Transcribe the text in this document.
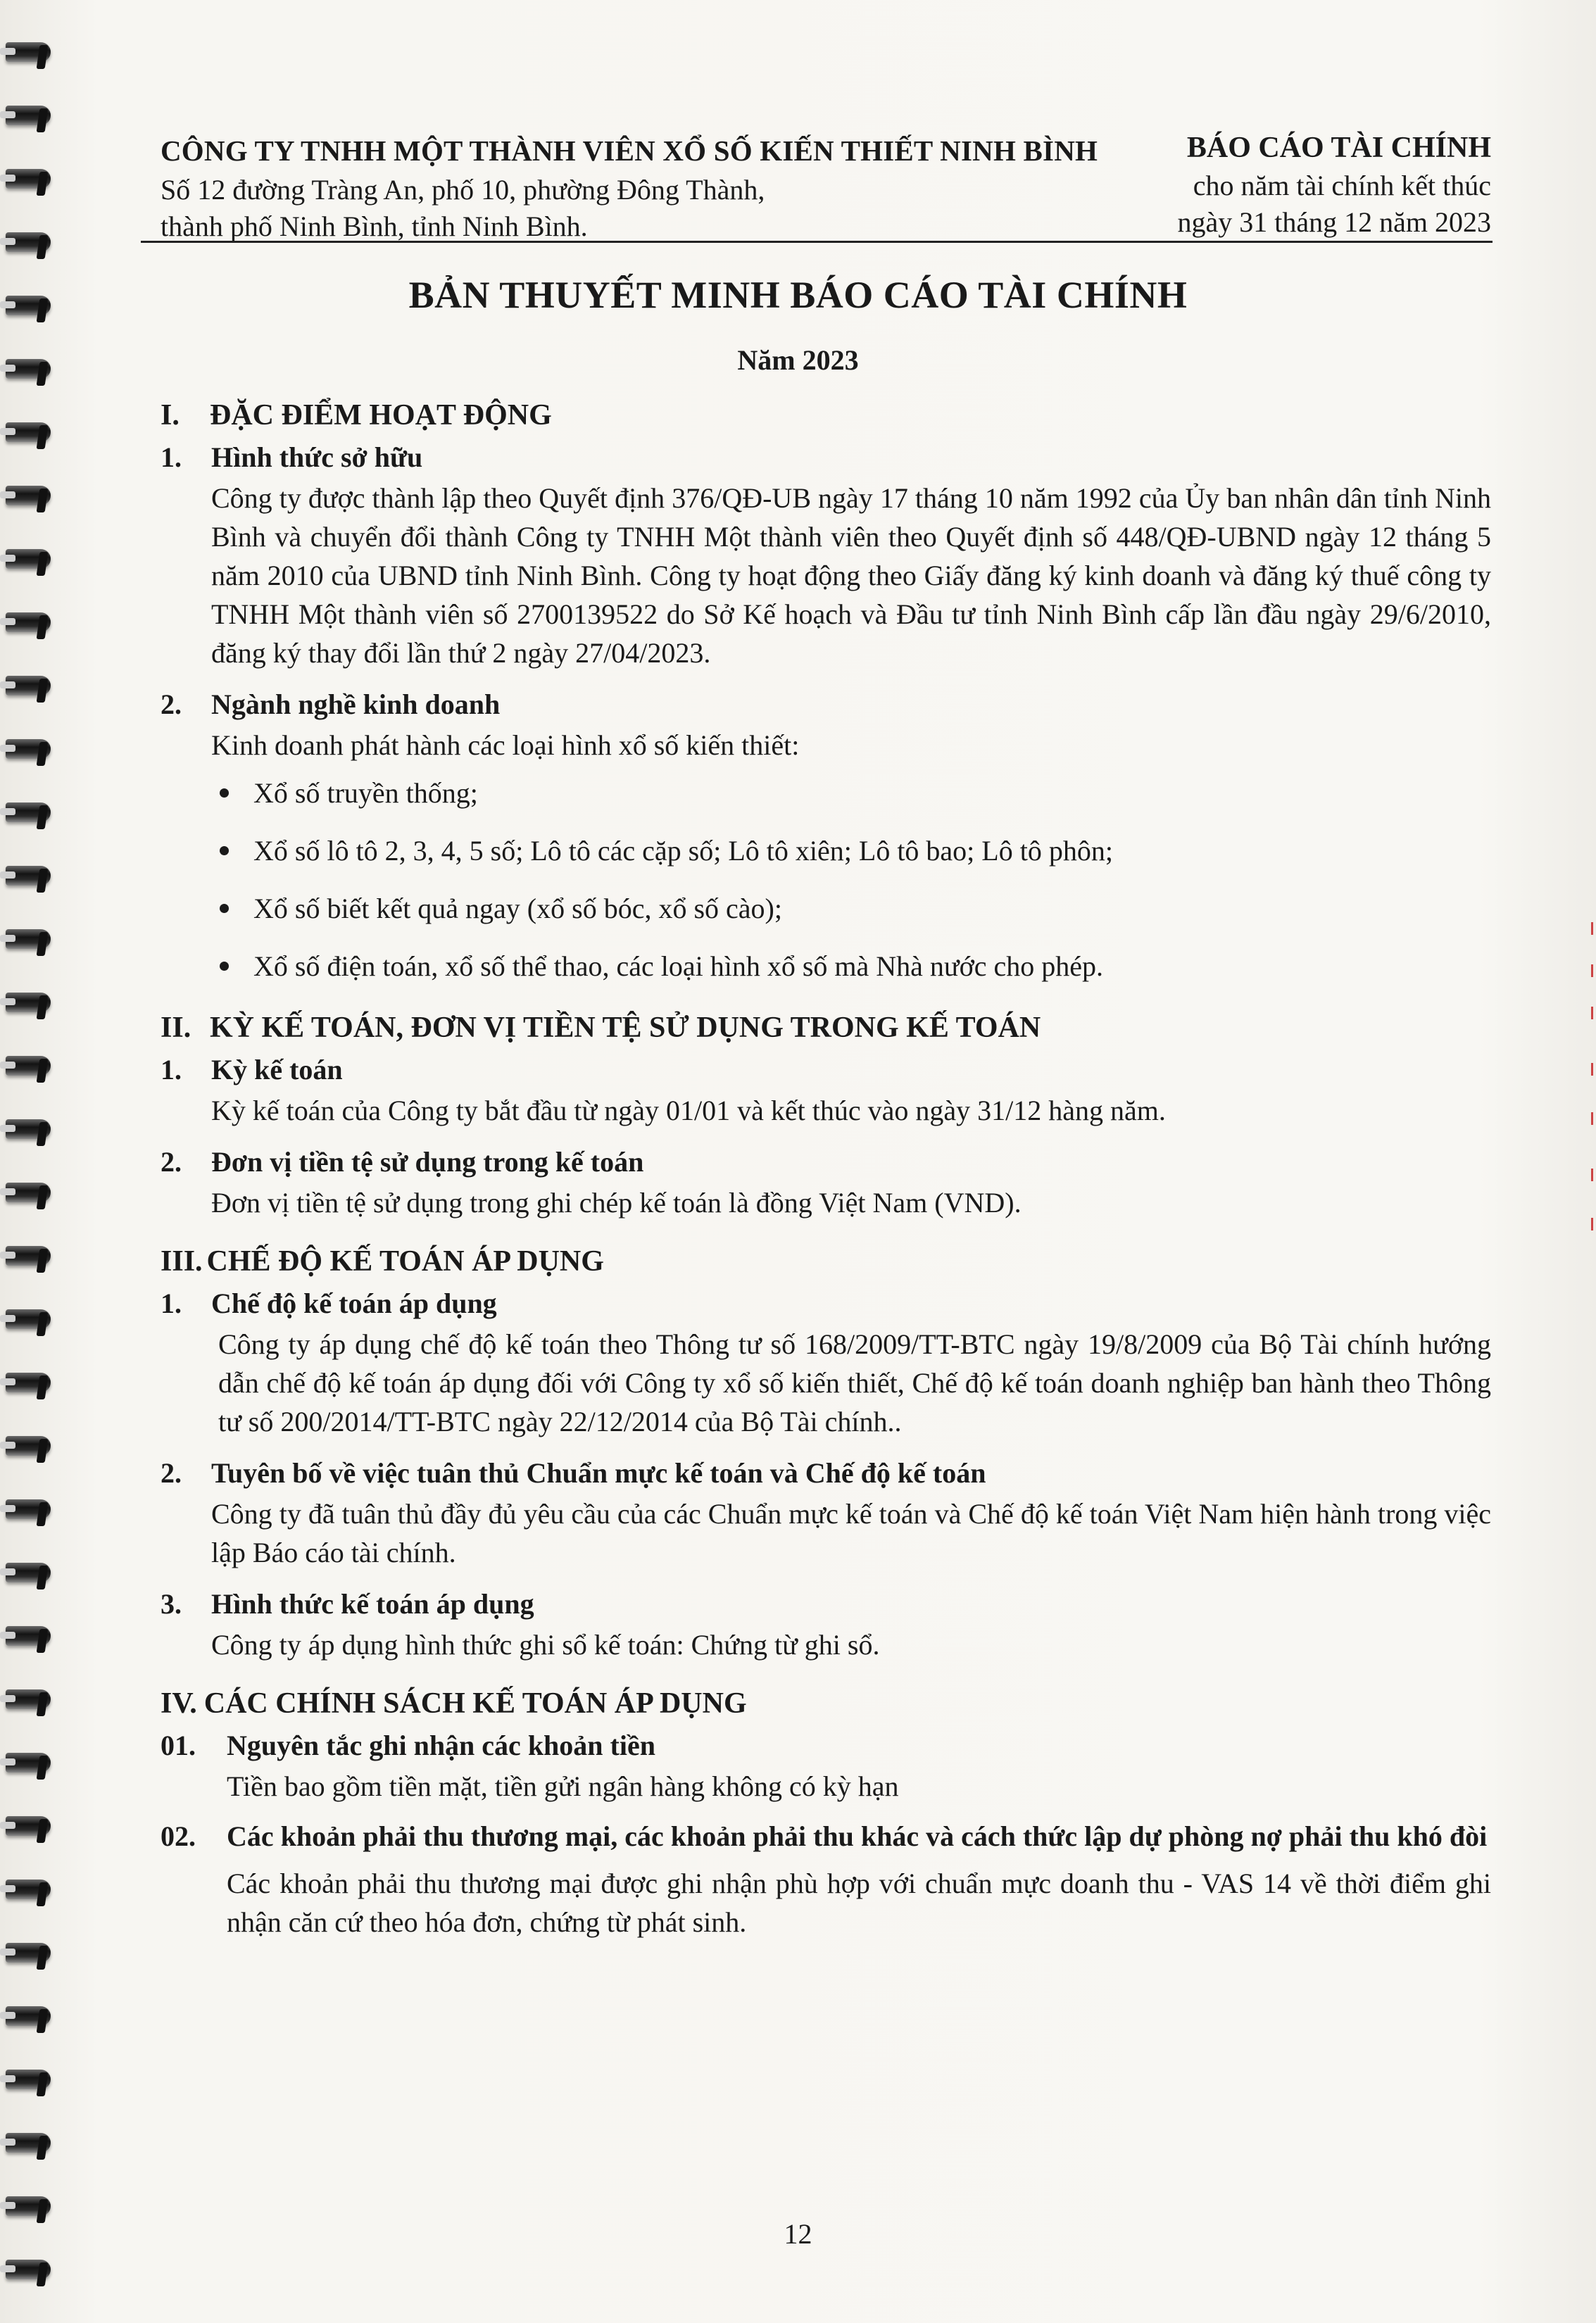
CÔNG TY TNHH MỘT THÀNH VIÊN XỔ SỐ KIẾN THIẾT NINH BÌNH
Số 12 đường Tràng An, phố 10, phường Đông Thành,
thành phố Ninh Bình, tỉnh Ninh Bình.
BÁO CÁO TÀI CHÍNH
cho năm tài chính kết thúc
ngày 31 tháng 12 năm 2023
BẢN THUYẾT MINH BÁO CÁO TÀI CHÍNH
Năm 2023
I.	ĐẶC ĐIỂM HOẠT ĐỘNG
1.	Hình thức sở hữu

Công ty được thành lập theo Quyết định 376/QĐ-UB ngày 17 tháng 10 năm 1992 của Ủy ban nhân dân tỉnh Ninh Bình và chuyển đổi thành Công ty TNHH Một thành viên theo Quyết định số 448/QĐ-UBND ngày 12 tháng 5 năm 2010 của UBND tỉnh Ninh Bình. Công ty hoạt động theo Giấy đăng ký kinh doanh và đăng ký thuế công ty TNHH Một thành viên số 2700139522 do Sở Kế hoạch và Đầu tư tỉnh Ninh Bình cấp lần đầu ngày 29/6/2010, đăng ký thay đổi lần thứ 2 ngày 27/04/2023.

2.	Ngành nghề kinh doanh

Kinh doanh phát hành các loại hình xổ số kiến thiết:

Xổ số truyền thống;
Xổ số lô tô 2, 3, 4, 5 số; Lô tô các cặp số; Lô tô xiên; Lô tô bao; Lô tô phôn;
Xổ số biết kết quả ngay (xổ số bóc, xổ số cào);
Xổ số điện toán, xổ số thể thao, các loại hình xổ số mà Nhà nước cho phép.
II. KỲ KẾ TOÁN, ĐƠN VỊ TIỀN TỆ SỬ DỤNG TRONG KẾ TOÁN
1.	Kỳ kế toán

Kỳ kế toán của Công ty bắt đầu từ ngày 01/01 và kết thúc vào ngày 31/12 hàng năm.

2.	Đơn vị tiền tệ sử dụng trong kế toán

Đơn vị tiền tệ sử dụng trong ghi chép kế toán là đồng Việt Nam (VND).

III. CHẾ ĐỘ KẾ TOÁN ÁP DỤNG
1.	Chế độ kế toán áp dụng

Công ty áp dụng chế độ kế toán theo Thông tư số 168/2009/TT-BTC ngày 19/8/2009 của Bộ Tài chính hướng dẫn chế độ kế toán áp dụng đối với Công ty xổ số kiến thiết, Chế độ kế toán doanh nghiệp ban hành theo Thông tư số 200/2014/TT-BTC ngày 22/12/2014 của Bộ Tài chính..

2.	Tuyên bố về việc tuân thủ Chuẩn mực kế toán và Chế độ kế toán

Công ty đã tuân thủ đầy đủ yêu cầu của các Chuẩn mực kế toán và Chế độ kế toán Việt Nam hiện hành trong việc lập Báo cáo tài chính.

3.	Hình thức kế toán áp dụng

Công ty áp dụng hình thức ghi sổ kế toán: Chứng từ ghi sổ.

IV. CÁC CHÍNH SÁCH KẾ TOÁN ÁP DỤNG
01.	Nguyên tắc ghi nhận các khoản tiền

Tiền bao gồm tiền mặt, tiền gửi ngân hàng không có kỳ hạn

02.	Các khoản phải thu thương mại, các khoản phải thu khác và cách thức lập dự phòng nợ phải thu khó đòi

Các khoản phải thu thương mại được ghi nhận phù hợp với chuẩn mực doanh thu - VAS 14 về thời điểm ghi nhận căn cứ theo hóa đơn, chứng từ phát sinh.

12
